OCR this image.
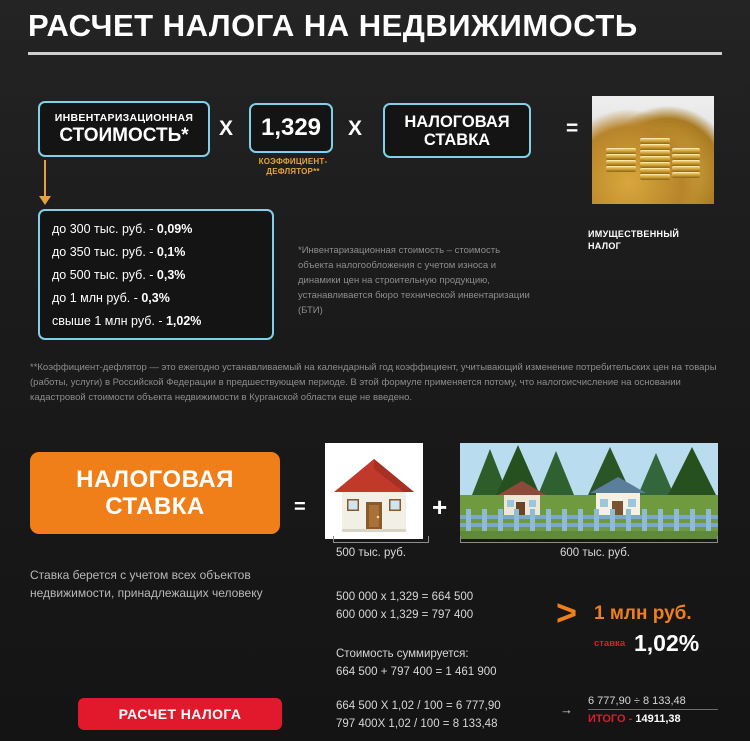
РАСЧЕТ НАЛОГА НА НЕДВИЖИМОСТЬ
ИНВЕНТАРИЗАЦИОННАЯ
СТОИМОСТЬ* X 1,329
КОЭФФИЦИЕНТ-
ДЕФЛЯТОР**
X	НАЛОГОВАЯ
СТАВКА	=
ИМУЩЕСТВЕННЫЙ
НАЛОГ
до 300 тыс. руб. - 0,09%
до 350 тыс. руб. - 0,1%
до 500 тыс. руб. - 0,3%
до 1 млн руб. - 0,3%
свыше 1 млн руб. - 1,02%
*Инвентаризационная стоимость – стоимость объекта налогообложения с учетом износа и динамики цен на строительную продукцию, устанавливается бюро технической инвентаризации (БТИ)
**Коэффициент-дефлятор — это ежегодно устанавливаемый на календарный год коэффициент, учитывающий изменение потребительских цен на товары (работы, услуги) в Российской Федерации в предшествующем периоде. В этой формуле применяется потому, что налогоисчисление на основании кадастровой стоимости объекта недвижимости в Курганской области еще не введено.
НАЛОГОВАЯ
СТАВКА
Ставка берется с учетом всех объектов недвижимости, принадлежащих человеку
РАСЧЕТ НАЛОГА
=	+
500 тыс. руб.	600 тыс. руб.
500 000 х 1,329 = 664 500
600 000 х 1,329 = 797 400
Стоимость суммируется:
664 500 + 797 400 = 1 461 900
664 500 Х 1,02 / 100 = 6 777,90
797 400Х 1,02 / 100 = 8 133,48
> 1 млн руб.
ставка 1,02%
→
6 777,90 ÷ 8 133,48
ИТОГО - 14911,38
